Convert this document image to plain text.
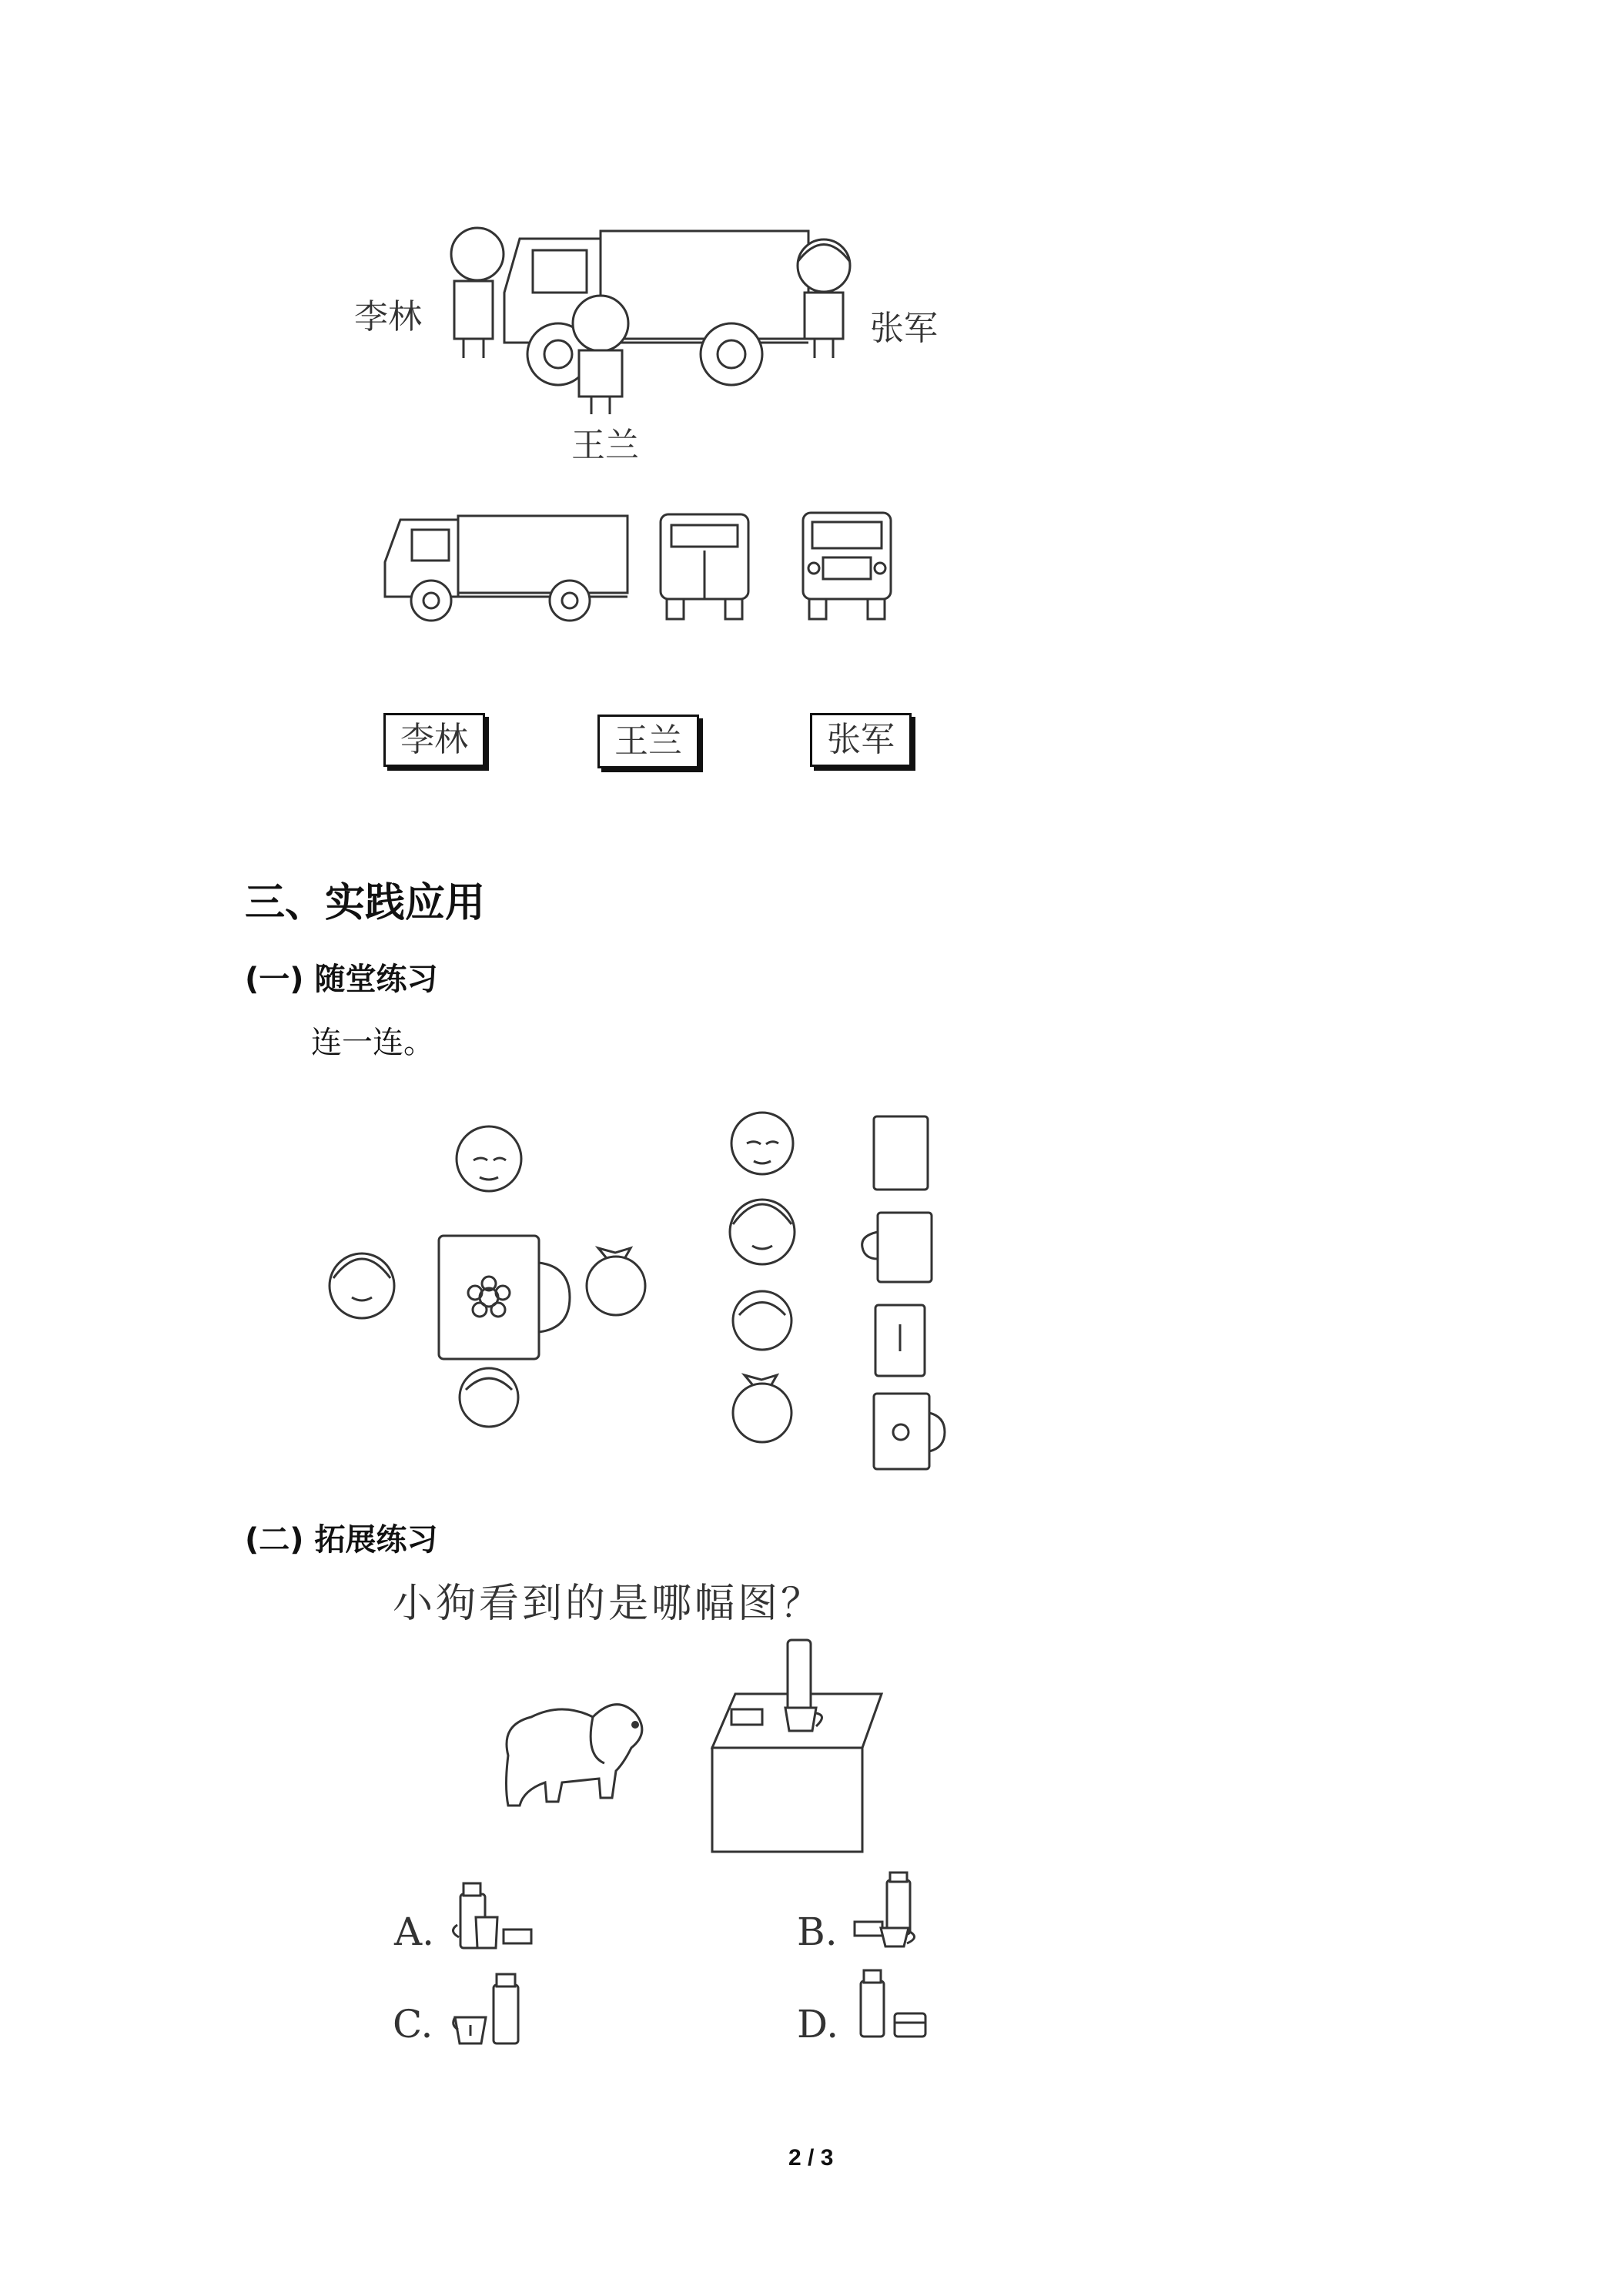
李林	张军
王兰
李林	王兰	张军
三、实践应用
(一) 随堂练习
连一连。
(二) 拓展练习
小狗看到的是哪幅图？
A.	B.
C.	D.
2 / 3
